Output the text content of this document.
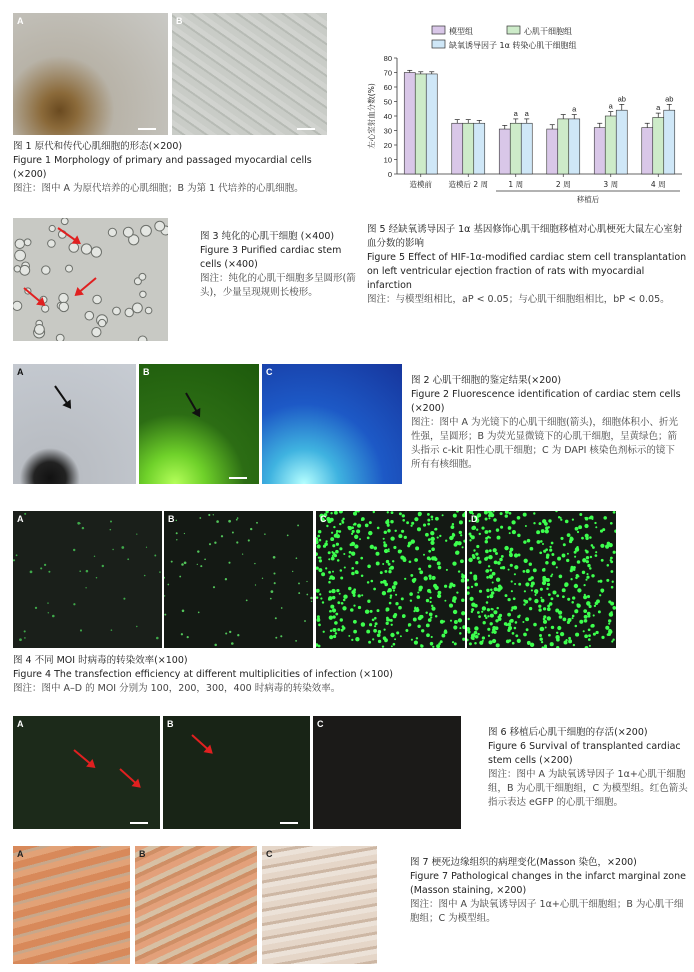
A	B
图 1 原代和传代心肌细胞的形态(×200)
Figure 1 Morphology of primary and passaged myocardial cells (×200)
图注：图中 A 为原代培养的心肌细胞；B 为第 1 代培养的心肌细胞。
图 3 纯化的心肌干细胞 (×400)
Figure 3 Purified cardiac stem cells (×400)
图注：纯化的心肌干细胞多呈圆形(箭头)，少量呈现规则长梭形。
模型组	心肌干细胞组
缺氧诱导因子 1α 转染心肌干细胞组
0
10
20
30
40
50
60
70
80
左心室射血分数(%)
造模前 造模后 2 周
a a
1 周
a
2 周
a
ab
3 周
a
ab
4 周
移植后
图 5 经缺氧诱导因子 1α 基因修饰心肌干细胞移植对心肌梗死大鼠左心室射血分数的影响
Figure 5 Effect of HIF-1α-modified cardiac stem cell transplantation on left ventricular ejection fraction of rats with myocardial infarction
图注：与模型组相比，aP < 0.05；与心肌干细胞组相比，bP < 0.05。
A	B	C
图 2 心肌干细胞的鉴定结果(×200)
Figure 2 Fluorescence identification of cardiac stem cells (×200)
图注：图中 A 为光镜下的心肌干细胞(箭头)，细胞体积小、折光性强，呈圆形；B 为荧光显微镜下的心肌干细胞，呈黄绿色；箭头指示 c-kit 阳性心肌干细胞；C 为 DAPI 核染色剂标示的镜下所有有核细胞。
A	B	C	D
图 4 不同 MOI 时病毒的转染效率(×100)
Figure 4 The transfection efficiency at different multiplicities of infection (×100)
图注：图中 A–D 的 MOI 分别为 100，200，300，400 时病毒的转染效率。
A	B	C
图 6 移植后心肌干细胞的存活(×200)
Figure 6 Survival of transplanted cardiac stem cells (×200)
图注：图中 A 为缺氧诱导因子 1α+心肌干细胞组，B 为心肌干细胞组，C 为模型组。红色箭头指示表达 eGFP 的心肌干细胞。
A	B	C
图 7 梗死边缘组织的病理变化(Masson 染色，×200)
Figure 7 Pathological changes in the infarct marginal zone (Masson staining, ×200)
图注：图中 A 为缺氧诱导因子 1α+心肌干细胞组；B 为心肌干细胞组；C 为模型组。
